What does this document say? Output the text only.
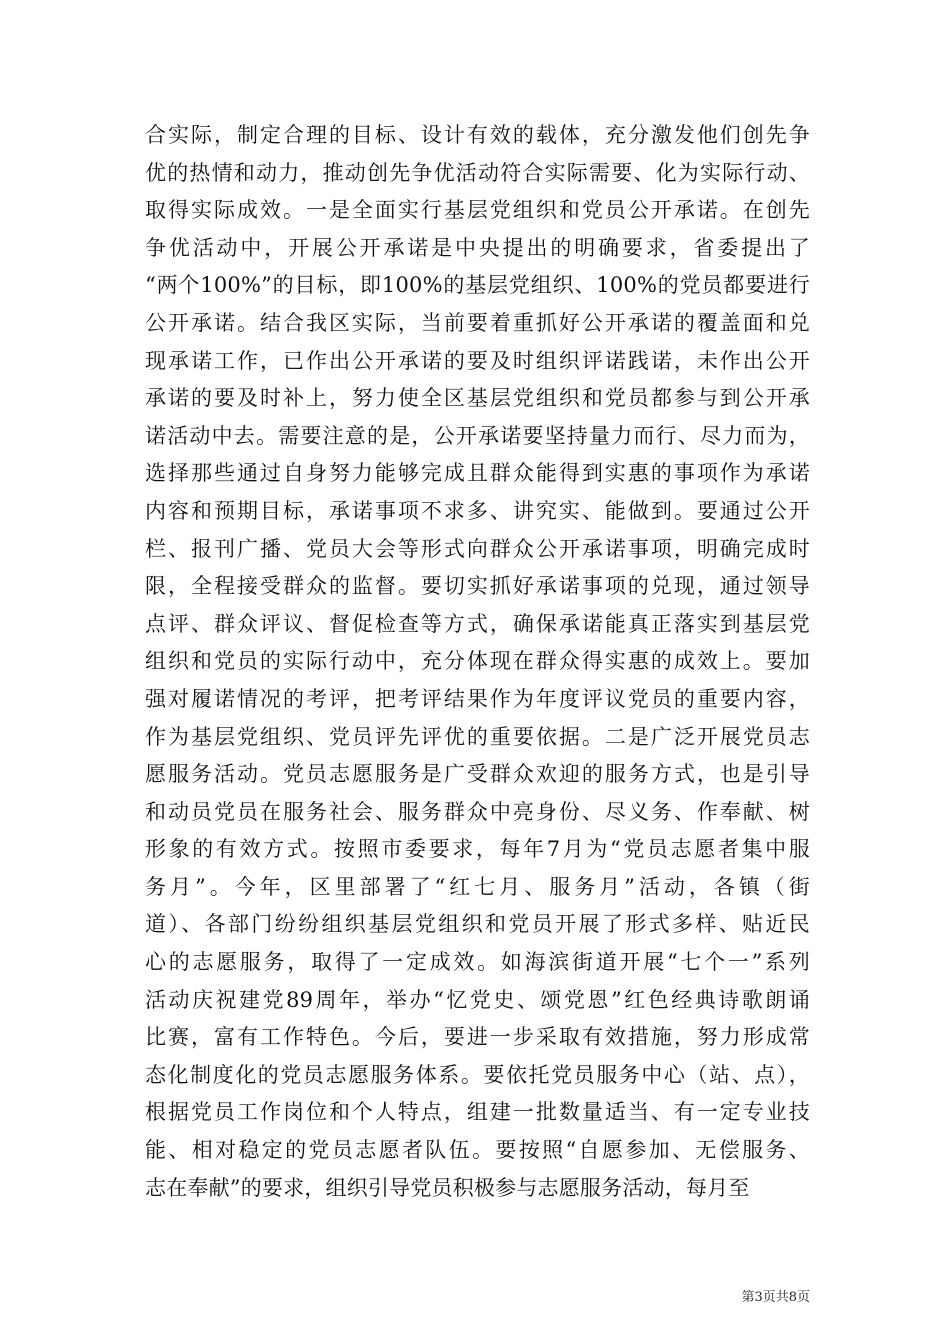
合实际，制定合理的目标、设计有效的载体，充分激发他们创先争
优的热情和动力，推动创先争优活动符合实际需要、化为实际行动、
取得实际成效。一是全面实行基层党组织和党员公开承诺。在创先
争优活动中，开展公开承诺是中央提出的明确要求，省委提出了
“两个100%”的目标，即100%的基层党组织、100%的党员都要进行
公开承诺。结合我区实际，当前要着重抓好公开承诺的覆盖面和兑
现承诺工作，已作出公开承诺的要及时组织评诺践诺，未作出公开
承诺的要及时补上，努力使全区基层党组织和党员都参与到公开承
诺活动中去。需要注意的是，公开承诺要坚持量力而行、尽力而为，
选择那些通过自身努力能够完成且群众能得到实惠的事项作为承诺
内容和预期目标，承诺事项不求多、讲究实、能做到。要通过公开
栏、报刊广播、党员大会等形式向群众公开承诺事项，明确完成时
限，全程接受群众的监督。要切实抓好承诺事项的兑现，通过领导
点评、群众评议、督促检查等方式，确保承诺能真正落实到基层党
组织和党员的实际行动中，充分体现在群众得实惠的成效上。要加
强对履诺情况的考评，把考评结果作为年度评议党员的重要内容，
作为基层党组织、党员评先评优的重要依据。二是广泛开展党员志
愿服务活动。党员志愿服务是广受群众欢迎的服务方式，也是引导
和动员党员在服务社会、服务群众中亮身份、尽义务、作奉献、树
形象的有效方式。按照市委要求，每年7月为“党员志愿者集中服
务月”。今年，区里部署了“红七月、服务月”活动，各镇（街
道）、各部门纷纷组织基层党组织和党员开展了形式多样、贴近民
心的志愿服务，取得了一定成效。如海滨街道开展“七个一”系列
活动庆祝建党89周年，举办“忆党史、颂党恩”红色经典诗歌朗诵
比赛，富有工作特色。今后，要进一步采取有效措施，努力形成常
态化制度化的党员志愿服务体系。要依托党员服务中心（站、点），
根据党员工作岗位和个人特点，组建一批数量适当、有一定专业技
能、相对稳定的党员志愿者队伍。要按照“自愿参加、无偿服务、
志在奉献”的要求，组织引导党员积极参与志愿服务活动，每月至
第3页共8页
